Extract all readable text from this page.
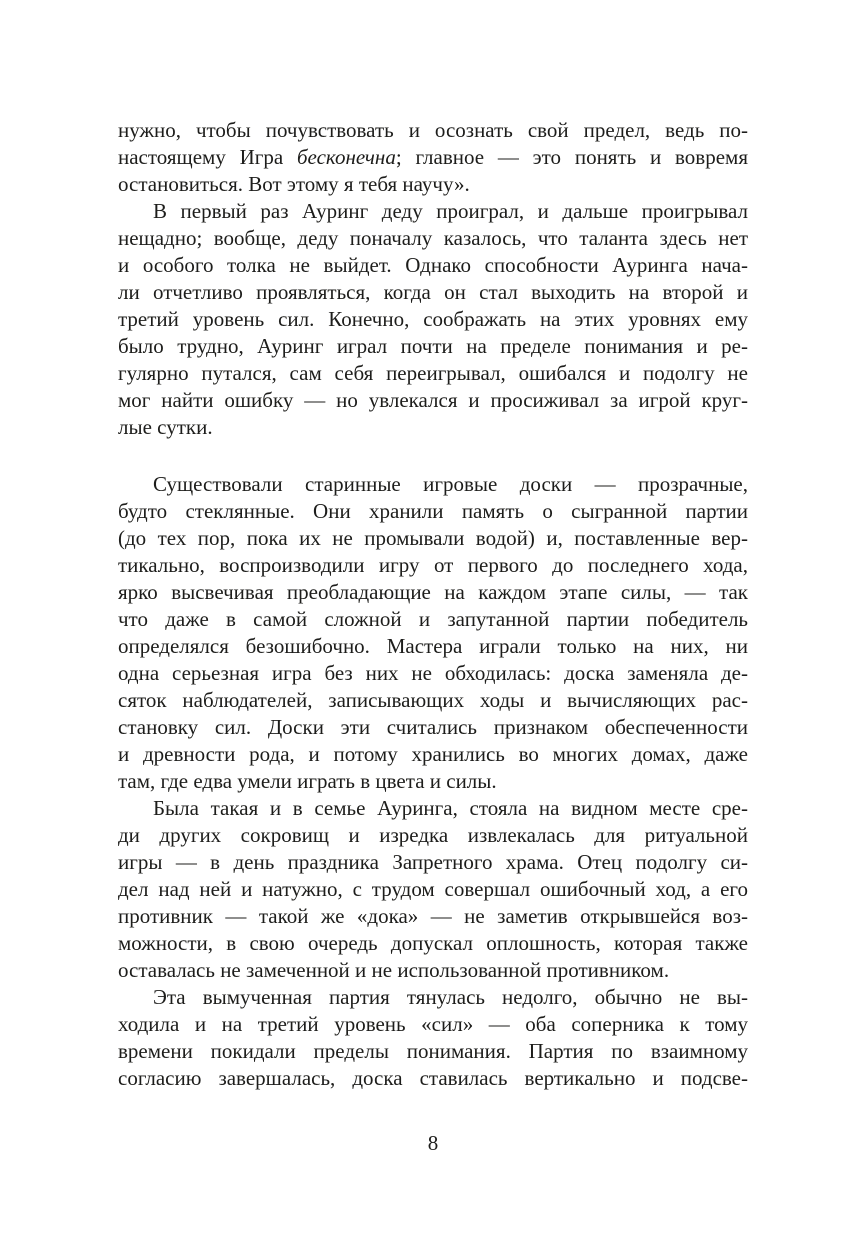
нужно, чтобы почувствовать и осознать свой предел, ведь по-
настоящему Игра бесконечна; главное — это понять и вовремя
остановиться. Вот этому я тебя научу».
В первый раз Ауринг деду проиграл, и дальше проигрывал
нещадно; вообще, деду поначалу казалось, что таланта здесь нет
и особого толка не выйдет. Однако способности Ауринга нача-
ли отчетливо проявляться, когда он стал выходить на второй и
третий уровень сил. Конечно, соображать на этих уровнях ему
было трудно, Ауринг играл почти на пределе понимания и ре-
гулярно путался, сам себя переигрывал, ошибался и подолгу не
мог найти ошибку — но увлекался и просиживал за игрой круг-
лые сутки.
Существовали старинные игровые доски — прозрачные,
будто стеклянные. Они хранили память о сыгранной партии
(до тех пор, пока их не промывали водой) и, поставленные вер-
тикально, воспроизводили игру от первого до последнего хода,
ярко высвечивая преобладающие на каждом этапе силы, — так
что даже в самой сложной и запутанной партии победитель
определялся безошибочно. Мастера играли только на них, ни
одна серьезная игра без них не обходилась: доска заменяла де-
сяток наблюдателей, записывающих ходы и вычисляющих рас-
становку сил. Доски эти считались признаком обеспеченности
и древности рода, и потому хранились во многих домах, даже
там, где едва умели играть в цвета и силы.
Была такая и в семье Ауринга, стояла на видном месте сре-
ди других сокровищ и изредка извлекалась для ритуальной
игры — в день праздника Запретного храма. Отец подолгу си-
дел над ней и натужно, с трудом совершал ошибочный ход, а его
противник — такой же «дока» — не заметив открывшейся воз-
можности, в свою очередь допускал оплошность, которая также
оставалась не замеченной и не использованной противником.
Эта вымученная партия тянулась недолго, обычно не вы-
ходила и на третий уровень «сил» — оба соперника к тому
времени покидали пределы понимания. Партия по взаимному
согласию завершалась, доска ставилась вертикально и подсве-
8
